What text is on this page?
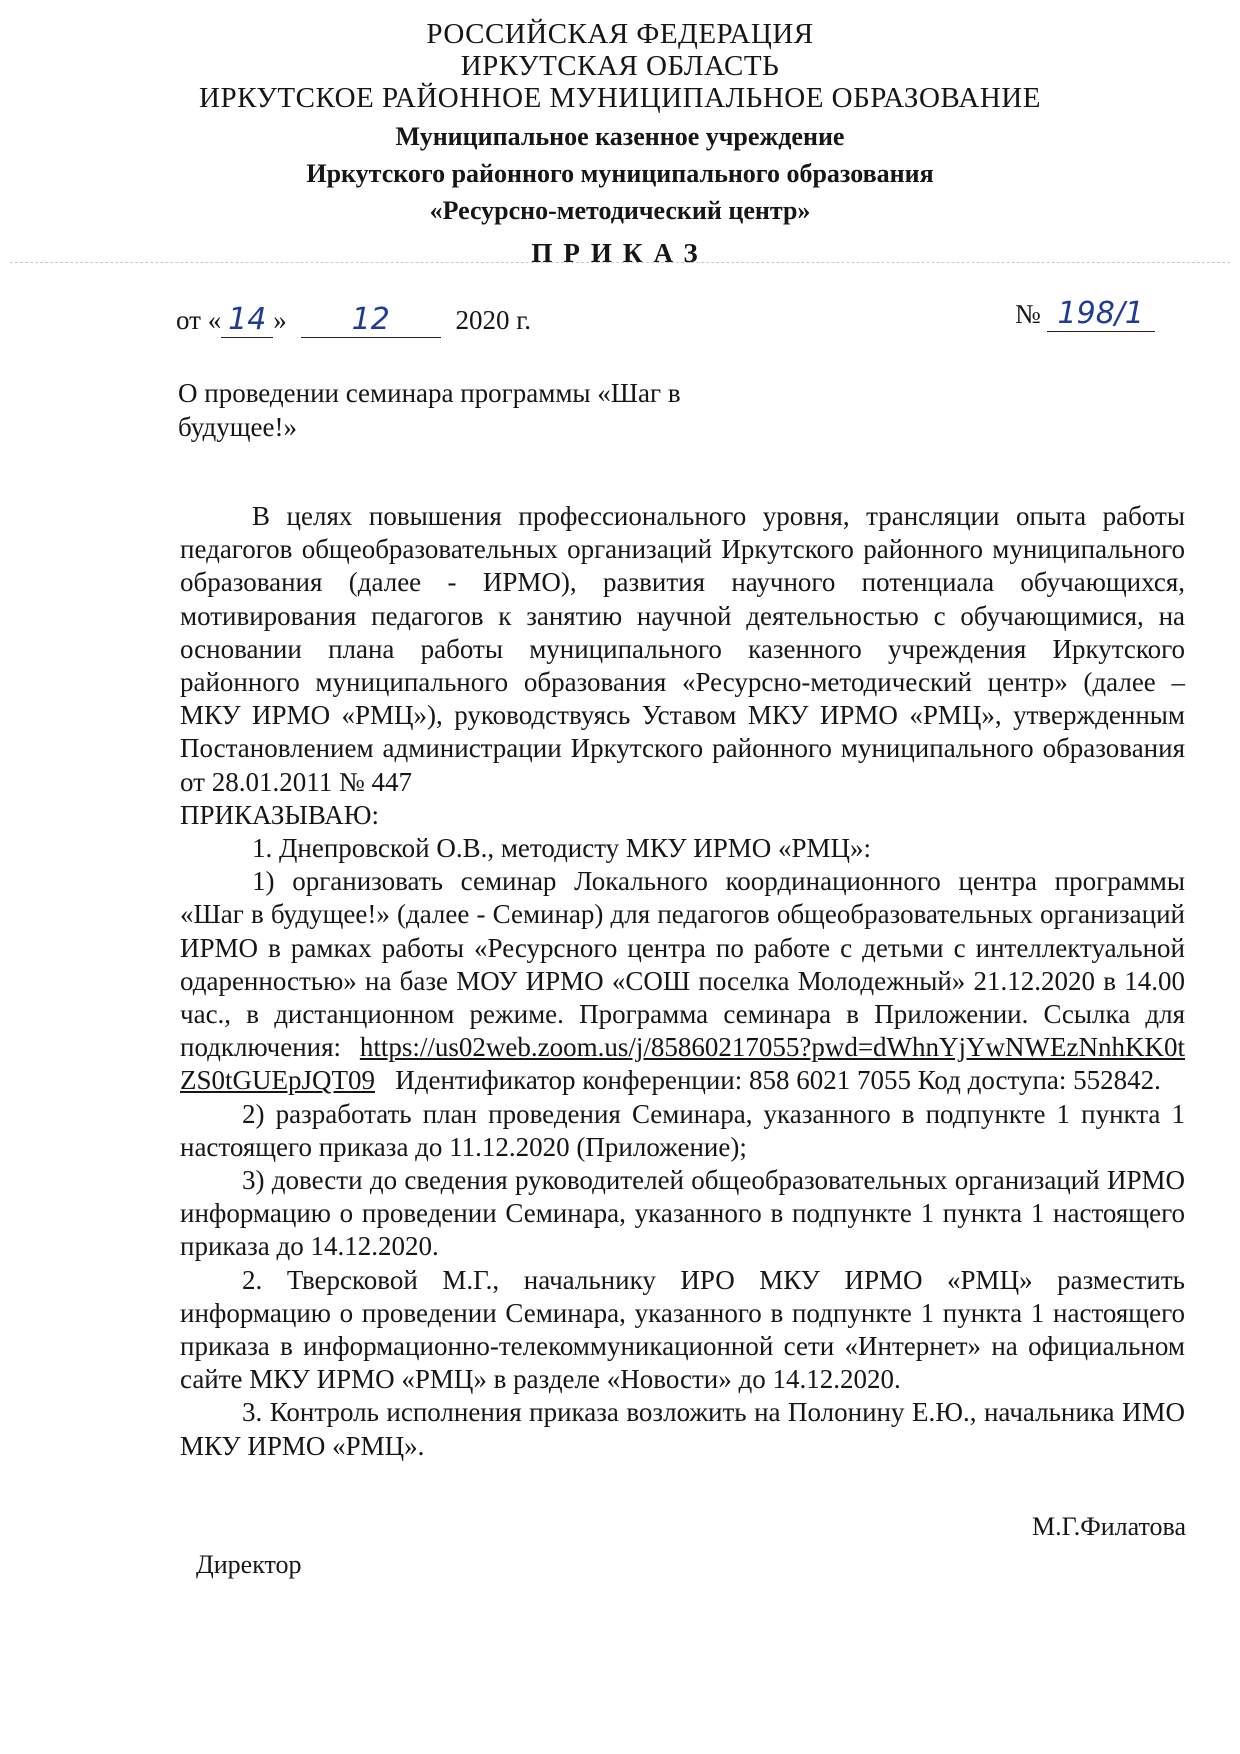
РОССИЙСКАЯ ФЕДЕРАЦИЯ
ИРКУТСКАЯ ОБЛАСТЬ
ИРКУТСКОЕ РАЙОННОЕ МУНИЦИПАЛЬНОЕ ОБРАЗОВАНИЕ
Муниципальное казенное учреждение
Иркутского районного муниципального образования
«Ресурсно-методический центр»
ПРИКАЗ
от « 14 » 12 2020 г.	№ 198/1
О проведении семинара программы «Шаг в будущее!»

В целях повышения профессионального уровня, трансляции опыта работы педагогов общеобразовательных организаций Иркутского районного муниципального образования (далее - ИРМО), развития научного потенциала обучающихся, мотивирования педагогов к занятию научной деятельностью с обучающимися, на основании плана работы муниципального казенного учреждения Иркутского районного муниципального образования «Ресурсно-методический центр» (далее – МКУ ИРМО «РМЦ»), руководствуясь Уставом МКУ ИРМО «РМЦ», утвержденным Постановлением администрации Иркутского районного муниципального образования от 28.01.2011 № 447

ПРИКАЗЫВАЮ:

1. Днепровской О.В., методисту МКУ ИРМО «РМЦ»:

1) организовать семинар Локального координационного центра программы «Шаг в будущее!» (далее - Семинар) для педагогов общеобразовательных организаций ИРМО в рамках работы «Ресурсного центра по работе с детьми с интеллектуальной одаренностью» на базе МОУ ИРМО «СОШ поселка Молодежный» 21.12.2020 в 14.00 час., в дистанционном режиме. Программа семинара в Приложении. Ссылка для подключения: https://us02web.zoom.us/j/85860217055?pwd=dWhnYjYwNWEzNnhKK0tZS0tGUEpJQT09 Идентификатор конференции: 858 6021 7055 Код доступа: 552842.

2) разработать план проведения Семинара, указанного в подпункте 1 пункта 1 настоящего приказа до 11.12.2020 (Приложение);

3) довести до сведения руководителей общеобразовательных организаций ИРМО информацию о проведении Семинара, указанного в подпункте 1 пункта 1 настоящего приказа до 14.12.2020.

2. Тверсковой М.Г., начальнику ИРО МКУ ИРМО «РМЦ» разместить информацию о проведении Семинара, указанного в подпункте 1 пункта 1 настоящего приказа в информационно-телекоммуникационной сети «Интернет» на официальном сайте МКУ ИРМО «РМЦ» в разделе «Новости» до 14.12.2020.

3. Контроль исполнения приказа возложить на Полонину Е.Ю., начальника ИМО МКУ ИРМО «РМЦ».

Директор
М.Г.Филатова
